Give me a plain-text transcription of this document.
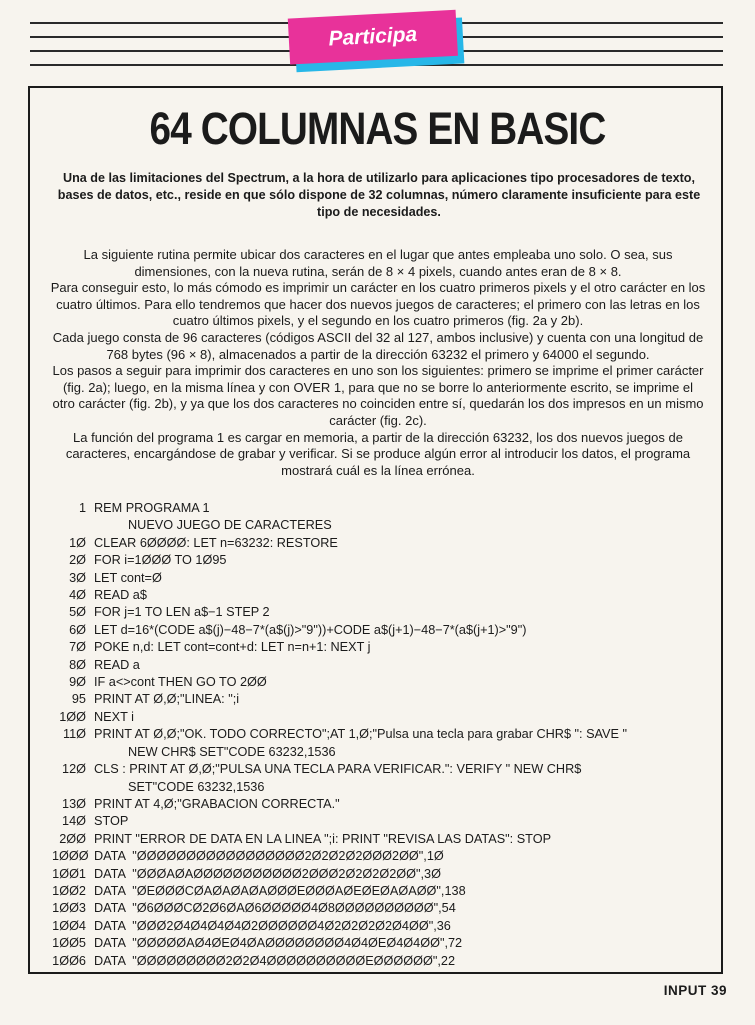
Participa
64 COLUMNAS EN BASIC
Una de las limitaciones del Spectrum, a la hora de utilizarlo para aplicaciones tipo procesadores de texto, bases de datos, etc., reside en que sólo dispone de 32 columnas, número claramente insuficiente para este tipo de necesidades.

La siguiente rutina permite ubicar dos caracteres en el lugar que antes empleaba uno solo. O sea, sus dimensiones, con la nueva rutina, serán de 8 × 4 pixels, cuando antes eran de 8 × 8.

Para conseguir esto, lo más cómodo es imprimir un carácter en los cuatro primeros pixels y el otro carácter en los cuatro últimos. Para ello tendremos que hacer dos nuevos juegos de caracteres; el primero con las letras en los cuatro últimos pixels, y el segundo en los cuatro primeros (fig. 2a y 2b).

Cada juego consta de 96 caracteres (códigos ASCII del 32 al 127, ambos inclusive) y cuenta con una longitud de 768 bytes (96 × 8), almacenados a partir de la dirección 63232 el primero y 64000 el segundo.

Los pasos a seguir para imprimir dos caracteres en uno son los siguientes: primero se imprime el primer carácter (fig. 2a); luego, en la misma línea y con OVER 1, para que no se borre lo anteriormente escrito, se imprime el otro carácter (fig. 2b), y ya que los dos caracteres no coinciden entre sí, quedarán los dos impresos en un mismo carácter (fig. 2c).

La función del programa 1 es cargar en memoria, a partir de la dirección 63232, los dos nuevos juegos de caracteres, encargándose de grabar y verificar. Si se produce algún error al introducir los datos, el programa mostrará cuál es la línea errónea.

1 REM PROGRAMA 1
NUEVO JUEGO DE CARACTERES
1Ø CLEAR 6ØØØØ: LET n=63232: RESTORE
2Ø FOR i=1ØØØ TO 1Ø95
3Ø LET cont=Ø
4Ø READ a$
5Ø FOR j=1 TO LEN a$−1 STEP 2
6Ø LET d=16*(CODE a$(j)−48−7*(a$(j)>"9"))+CODE a$(j+1)−48−7*(a$(j+1)>"9")
7Ø POKE n,d: LET cont=cont+d: LET n=n+1: NEXT j
8Ø READ a
9Ø IF a<>cont THEN GO TO 2ØØ
95 PRINT AT Ø,Ø;"LINEA: ";i
1ØØ NEXT i
11Ø PRINT AT Ø,Ø;"OK. TODO CORRECTO";AT 1,Ø;"Pulsa una tecla para grabar CHR$ ": SAVE "
NEW CHR$ SET"CODE 63232,1536
12Ø CLS : PRINT AT Ø,Ø;"PULSA UNA TECLA PARA VERIFICAR.": VERIFY " NEW CHR$
SET"CODE 63232,1536
13Ø PRINT AT 4,Ø;"GRABACION CORRECTA."
14Ø STOP
2ØØ PRINT "ERROR DE DATA EN LA LINEA ";i: PRINT "REVISA LAS DATAS": STOP
1ØØØ DATA  "ØØØØØØØØØØØØØØØØØ2Ø2Ø2Ø2ØØØ2ØØ",1Ø
1ØØ1 DATA  "ØØØAØAØØØØØØØØØØØ2ØØØ2Ø2Ø2Ø2ØØ",3Ø
1ØØ2 DATA  "ØEØØØCØAØAØAØAØØØEØØØAØEØEØAØAØØ",138
1ØØ3 DATA  "Ø6ØØØCØ2Ø6ØAØ6ØØØØØ4Ø8ØØØØØØØØØØ",54
1ØØ4 DATA  "ØØØ2Ø4Ø4Ø4Ø4Ø2ØØØØØØ4Ø2Ø2Ø2Ø2Ø4ØØ",36
1ØØ5 DATA  "ØØØØØAØ4ØEØ4ØAØØØØØØØØ4Ø4ØEØ4Ø4ØØ",72
1ØØ6 DATA  "ØØØØØØØØØ2Ø2Ø4ØØØØØØØØØØEØØØØØØ",22
INPUT 39
